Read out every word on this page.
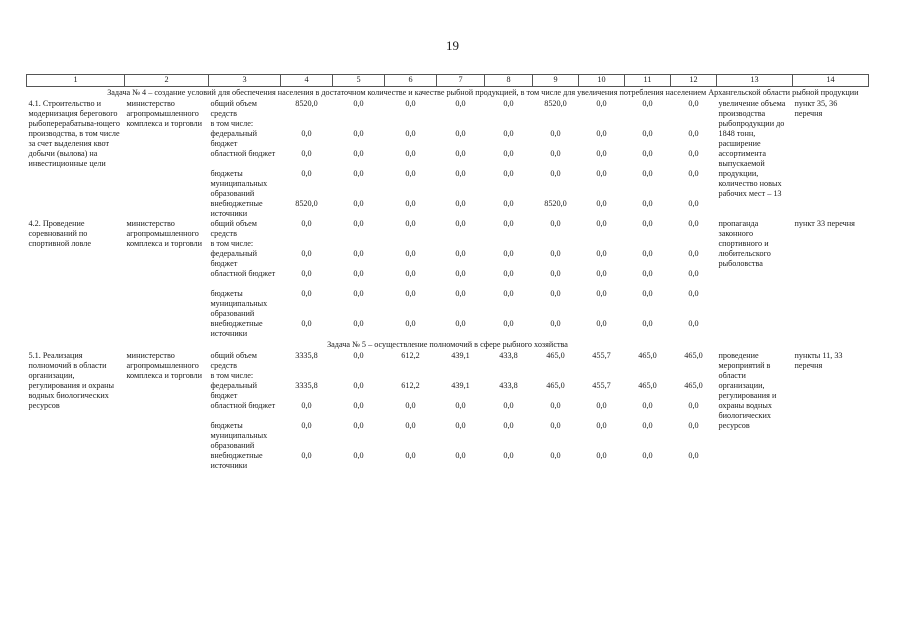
19
1	2	3	4	5	6	7	8	9	10	11	12	13	14
Задача № 4 – создание условий для обеспечения населения в достаточном количестве и качестве рыбной продукцией, в том числе для увеличения потребления населением Архангельской области рыбной продукции													
4.1. Строительство и модернизация берегового рыбоперерабатыва-ющего производства, в том числе за счет выделения квот добычи (вылова) на инвестиционные цели	министерство агропромышленного комплекса и торговли	общий объем средств	8520,0	0,0	0,0	0,0	0,0	8520,0	0,0	0,0	0,0	увеличение объема производства рыбопродукции до 1848 тонн, расширение ассортимента выпускаемой продукции, количество новых рабочих мест – 13	пункт 35, 36 перечня
		в том числе:											
		федеральный бюджет	0,0	0,0	0,0	0,0	0,0	0,0	0,0	0,0	0,0		
		областной бюджет	0,0	0,0	0,0	0,0	0,0	0,0	0,0	0,0	0,0		
		бюджеты муниципальных образований	0,0	0,0	0,0	0,0	0,0	0,0	0,0	0,0	0,0		
		внебюджетные источники	8520,0	0,0	0,0	0,0	0,0	8520,0	0,0	0,0	0,0		
4.2. Проведение соревнований по спортивной ловле	министерство агропромышленного комплекса и торговли	общий объем средств	0,0	0,0	0,0	0,0	0,0	0,0	0,0	0,0	0,0	пропаганда законного спортивного и любительского рыболовства	пункт 33 перечня
		в том числе:											
		федеральный бюджет	0,0	0,0	0,0	0,0	0,0	0,0	0,0	0,0	0,0		
		областной бюджет	0,0	0,0	0,0	0,0	0,0	0,0	0,0	0,0	0,0		
		бюджеты муниципальных образований	0,0	0,0	0,0	0,0	0,0	0,0	0,0	0,0	0,0		
		внебюджетные источники	0,0	0,0	0,0	0,0	0,0	0,0	0,0	0,0	0,0		
Задача № 5 – осуществление полномочий в сфере рыбного хозяйства													
5.1. Реализация полномочий в области организации, регулирования и охраны водных биологических ресурсов	министерство агропромышленного комплекса и торговли	общий объем средств	3335,8	0,0	612,2	439,1	433,8	465,0	455,7	465,0	465,0	проведение мероприятий в области организации, регулирования и охраны водных биологических ресурсов	пункты 11, 33 перечня
		в том числе:											
		федеральный бюджет	3335,8	0,0	612,2	439,1	433,8	465,0	455,7	465,0	465,0		
		областной бюджет	0,0	0,0	0,0	0,0	0,0	0,0	0,0	0,0	0,0		
		бюджеты муниципальных образований	0,0	0,0	0,0	0,0	0,0	0,0	0,0	0,0	0,0		
		внебюджетные источники	0,0	0,0	0,0	0,0	0,0	0,0	0,0	0,0	0,0		
